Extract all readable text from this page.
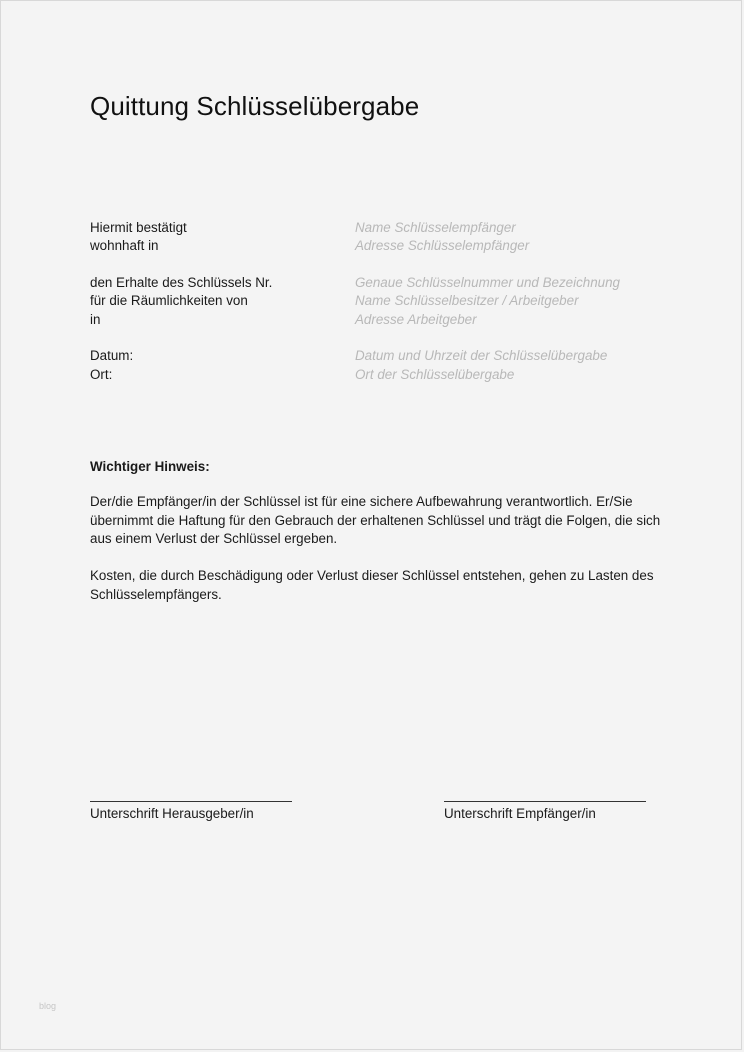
Quittung Schlüsselübergabe
Hiermit bestätigt	Name Schlüsselempfänger
wohnhaft in	Adresse Schlüsselempfänger
den Erhalte des Schlüssels Nr.	Genaue Schlüsselnummer und Bezeichnung
für die Räumlichkeiten von	Name Schlüsselbesitzer / Arbeitgeber
in	Adresse Arbeitgeber
Datum:	Datum und Uhrzeit der Schlüsselübergabe
Ort:	Ort der Schlüsselübergabe
Wichtiger Hinweis:

Der/die Empfänger/in der Schlüssel ist für eine sichere Aufbewahrung verantwortlich. Er/Sie übernimmt die Haftung für den Gebrauch der erhaltenen Schlüssel und trägt die Folgen, die sich aus einem Verlust der Schlüssel ergeben.

Kosten, die durch Beschädigung oder Verlust dieser Schlüssel entstehen, gehen zu Lasten des Schlüsselempfängers.

Unterschrift Herausgeber/in	Unterschrift Empfänger/in
blog
